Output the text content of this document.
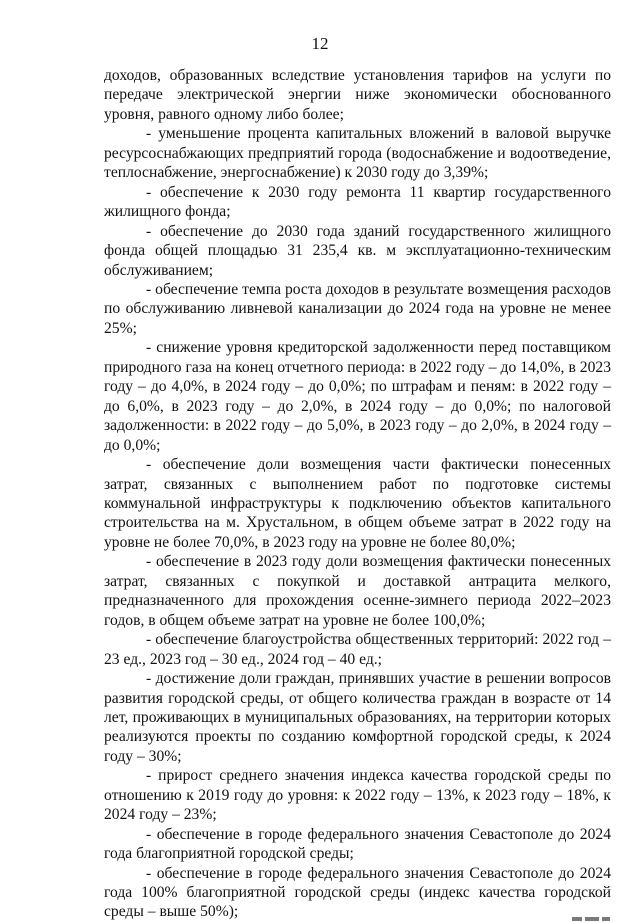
12

доходов, образованных вследствие установления тарифов на услуги по передаче электрической энергии ниже экономически обоснованного уровня, равного одному либо более;

- уменьшение процента капитальных вложений в валовой выручке ресурсоснабжающих предприятий города (водоснабжение и водоотведение, теплоснабжение, энергоснабжение) к 2030 году до 3,39%;

- обеспечение к 2030 году ремонта 11 квартир государственного жилищного фонда;

- обеспечение до 2030 года зданий государственного жилищного фонда общей площадью 31 235,4 кв. м эксплуатационно-техническим обслуживанием;

- обеспечение темпа роста доходов в результате возмещения расходов по обслуживанию ливневой канализации до 2024 года на уровне не менее 25%;

- снижение уровня кредиторской задолженности перед поставщиком природного газа на конец отчетного периода: в 2022 году – до 14,0%, в 2023 году – до 4,0%, в 2024 году – до 0,0%; по штрафам и пеням: в 2022 году – до 6,0%, в 2023 году – до 2,0%, в 2024 году – до 0,0%; по налоговой задолженности: в 2022 году – до 5,0%, в 2023 году – до 2,0%, в 2024 году – до 0,0%;

- обеспечение доли возмещения части фактически понесенных затрат, связанных с выполнением работ по подготовке системы коммунальной инфраструктуры к подключению объектов капитального строительства на м. Хрустальном, в общем объеме затрат в 2022 году на уровне не более 70,0%, в 2023 году на уровне не более 80,0%;

- обеспечение в 2023 году доли возмещения фактически понесенных затрат, связанных с покупкой и доставкой антрацита мелкого, предназначенного для прохождения осенне-зимнего периода 2022–2023 годов, в общем объеме затрат на уровне не более 100,0%;

- обеспечение благоустройства общественных территорий: 2022 год – 23 ед., 2023 год – 30 ед., 2024 год – 40 ед.;

- достижение доли граждан, принявших участие в решении вопросов развития городской среды, от общего количества граждан в возрасте от 14 лет, проживающих в муниципальных образованиях, на территории которых реализуются проекты по созданию комфортной городской среды, к 2024 году – 30%;

- прирост среднего значения индекса качества городской среды по отношению к 2019 году до уровня: к 2022 году – 13%, к 2023 году – 18%, к 2024 году – 23%;

- обеспечение в городе федерального значения Севастополе до 2024 года благоприятной городской среды;

- обеспечение в городе федерального значения Севастополе до 2024 года 100% благоприятной городской среды (индекс качества городской среды – выше 50%);
